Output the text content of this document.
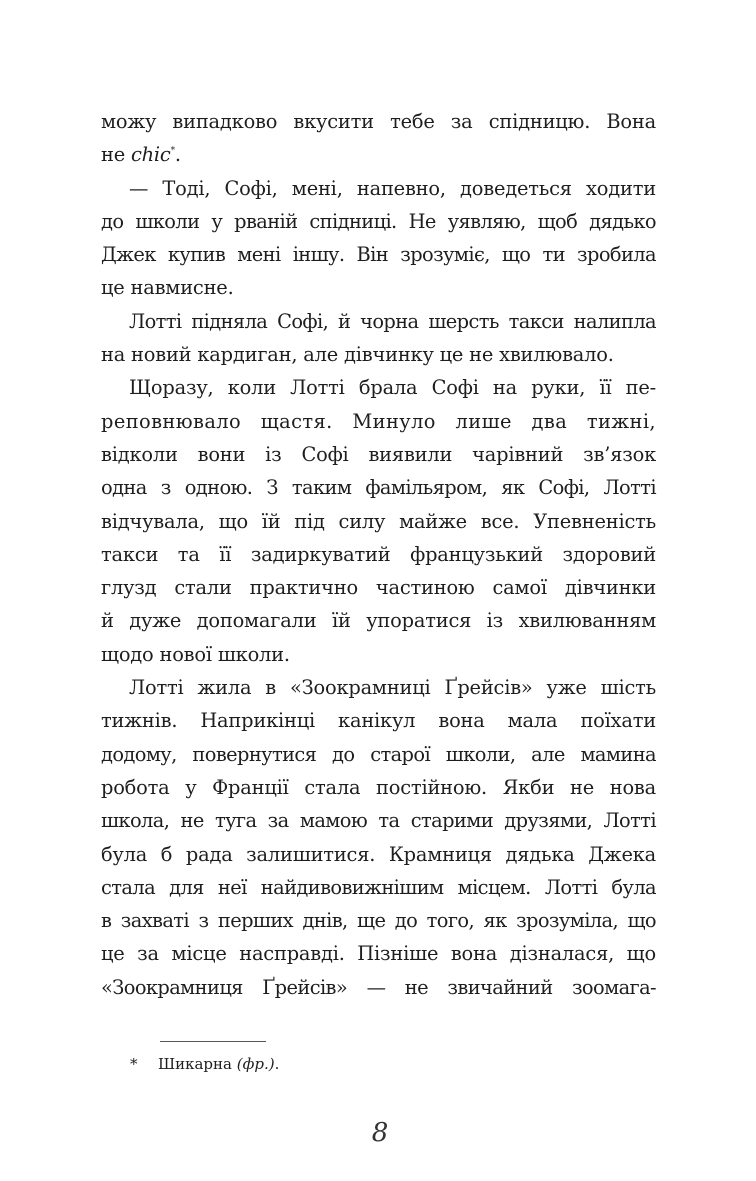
можу випадково вкусити тебе за спідницю. Вона
не chic*.
— Тоді, Софі, мені, напевно, доведеться ходити
до школи у рваній спідниці. Не уявляю, щоб дядько
Джек купив мені іншу. Він зрозуміє, що ти зробила
це навмисне.
Лотті підняла Софі, й чорна шерсть такси налипла
на новий кардиган, але дівчинку це не хвилювало.
Щоразу, коли Лотті брала Софі на руки, її пе-
реповнювало щастя. Минуло лише два тижні,
відколи вони із Софі виявили чарівний зв’язок
одна з одною. З таким фамільяром, як Софі, Лотті
відчувала, що їй під силу майже все. Упевненість
такси та її задиркуватий французький здоровий
глузд стали практично частиною самої дівчинки
й дуже допомагали їй упоратися із хвилюванням
щодо нової школи.
Лотті жила в «Зоокрамниці Ґрейсів» уже шість
тижнів. Наприкінці канікул вона мала поїхати
додому, повернутися до старої школи, але мамина
робота у Франції стала постійною. Якби не нова
школа, не туга за мамою та старими друзями, Лотті
була б рада залишитися. Крамниця дядька Джека
стала для неї найдивовижнішим місцем. Лотті була
в захваті з перших днів, ще до того, як зрозуміла, що
це за місце насправді. Пізніше вона дізналася, що
«Зоокрамниця Ґрейсів» — не звичайний зоомага-
* Шикарна (фр.).
8
